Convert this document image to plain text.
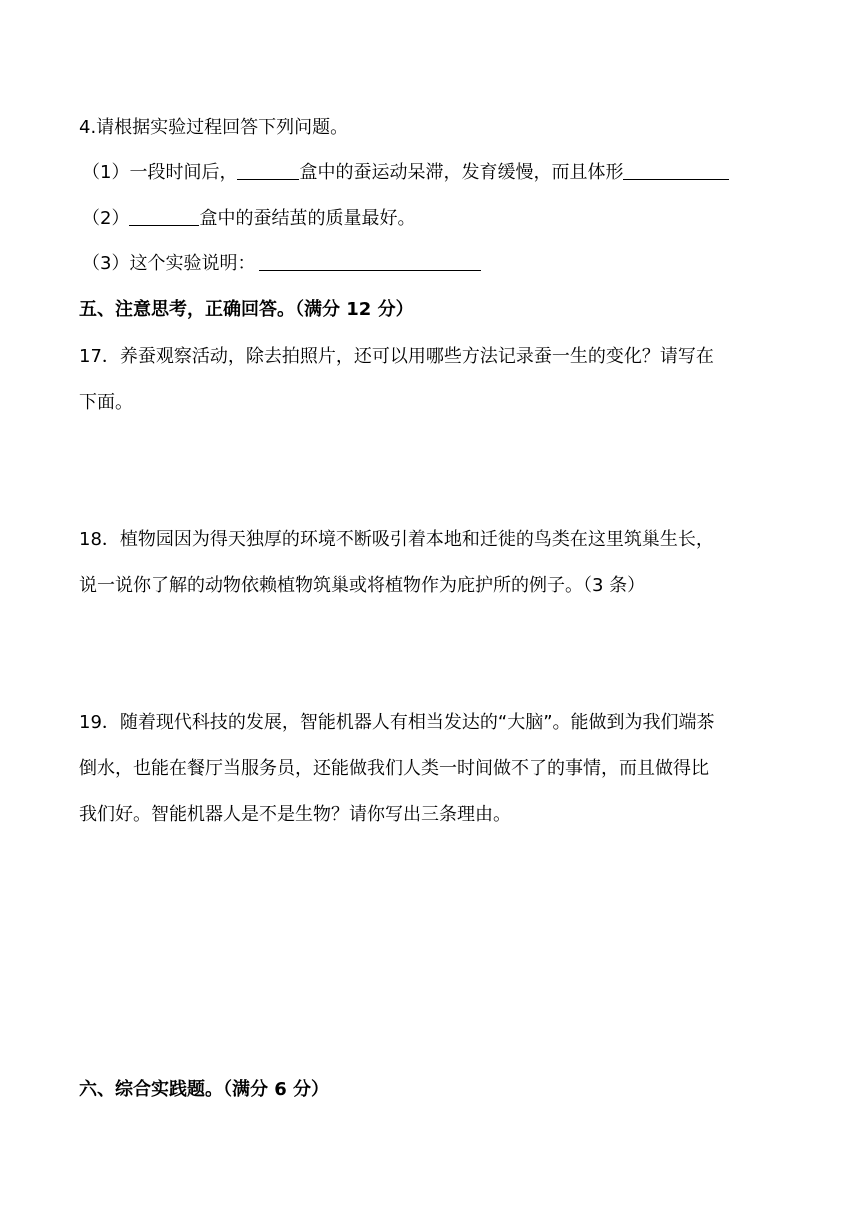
4.请根据实验过程回答下列问题。
（1）一段时间后，	盒中的蚕运动呆滞，发育缓慢，而且体形
（2）	盒中的蚕结茧的质量最好。
（3）这个实验说明：
五、注意思考，正确回答。（满分 12 分）
17．养蚕观察活动，除去拍照片，还可以用哪些方法记录蚕一生的变化？请写在
下面。
18．植物园因为得天独厚的环境不断吸引着本地和迁徙的鸟类在这里筑巢生长，
说一说你了解的动物依赖植物筑巢或将植物作为庇护所的例子。（3 条）
19．随着现代科技的发展，智能机器人有相当发达的“大脑”。能做到为我们端茶
倒水，也能在餐厅当服务员，还能做我们人类一时间做不了的事情，而且做得比
我们好。智能机器人是不是生物？请你写出三条理由。
六、综合实践题。（满分 6 分）
